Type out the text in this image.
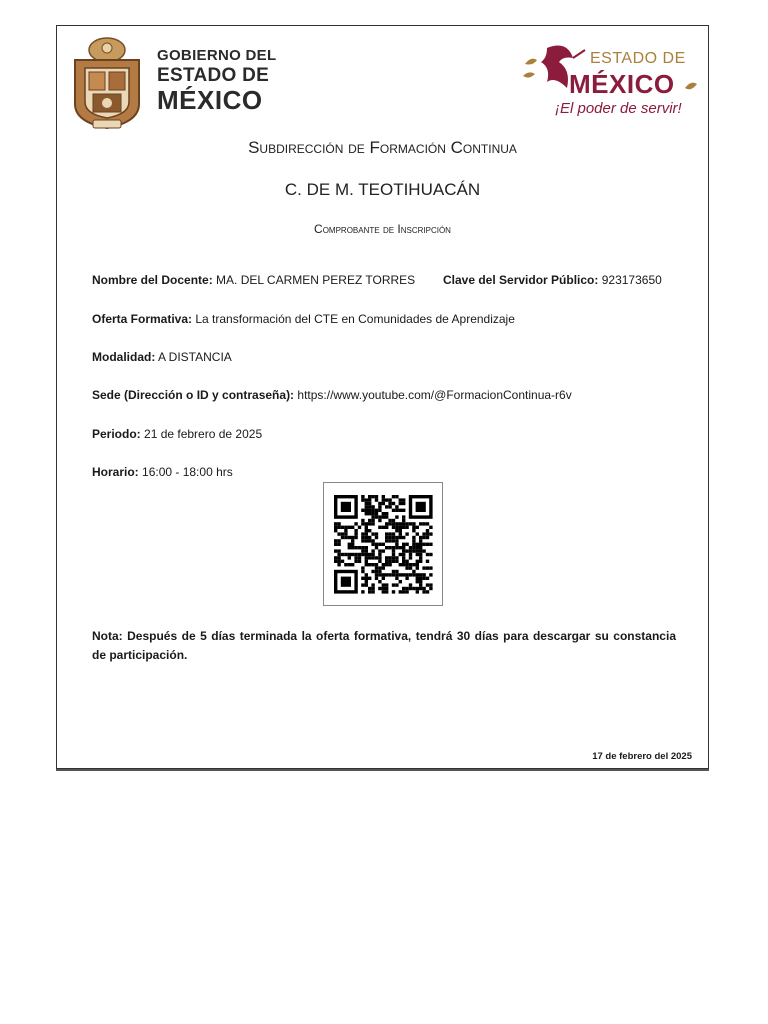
GOBIERNO DEL
ESTADO DE
MÉXICO
ESTADO DE
MÉXICO
¡El poder de servir!
Subdirección de Formación Continua
C. DE M. TEOTIHUACÁN
Comprobante de Inscripción
Nombre del Docente: MA. DEL CARMEN PEREZ TORRES Clave del Servidor Público: 923173650
Oferta Formativa: La transformación del CTE en Comunidades de Aprendizaje
Modalidad: A DISTANCIA
Sede (Dirección o ID y contraseña): https://www.youtube.com/@FormacionContinua-r6v
Periodo: 21 de febrero de 2025
Horario: 16:00 - 18:00 hrs
Nota: Después de 5 días terminada la oferta formativa, tendrá 30 días para descargar su constancia de participación.
17 de febrero del 2025
